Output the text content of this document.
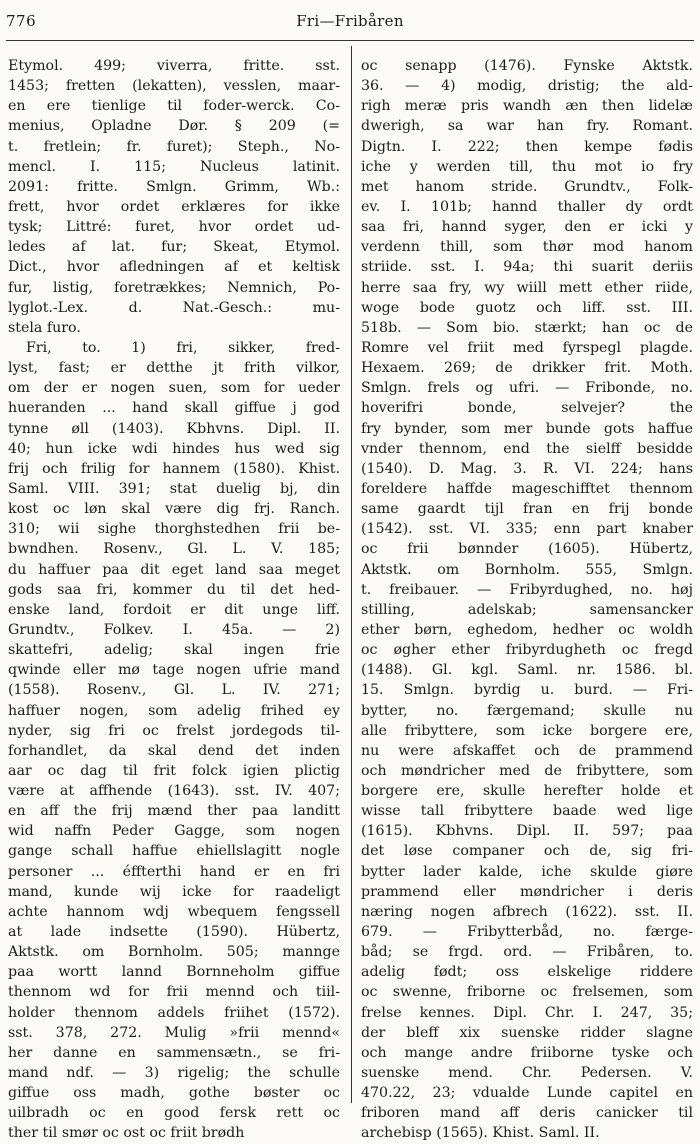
776	Fri—Fribåren
Etymol. 499; viverra, fritte. sst.
1453; fretten (lekatten), vesslen, maar-
en ere tienlige til foder-werck. Co-
menius, Opladne Dør. § 209 (=
t. fretlein; fr. furet); Steph., No-
mencl. I. 115; Nucleus latinit.
2091: fritte. Smlgn. Grimm, Wb.:
frett, hvor ordet erklæres for ikke
tysk; Littré: furet, hvor ordet ud-
ledes af lat. fur; Skeat, Etymol.
Dict., hvor afledningen af et keltisk
fur, listig, foretrækkes; Nemnich, Po-
lyglot.-Lex. d. Nat.-Gesch.: mu-
stela furo.
Fri, to. 1) fri, sikker, fred-
lyst, fast; er detthe jt frith vilkor,
om der er nogen suen, som for ueder
hueranden ... hand skall giffue j god
tynne øll (1403). Kbhvns. Dipl. II.
40; hun icke wdi hindes hus wed sig
frij och frilig for hannem (1580). Khist.
Saml. VIII. 391; stat duelig bj, din
kost oc løn skal være dig frj. Ranch.
310; wii sighe thorghstedhen frii be-
bwndhen. Rosenv., Gl. L. V. 185;
du haffuer paa dit eget land saa meget
gods saa fri, kommer du til det hed-
enske land, fordoit er dit unge liff.
Grundtv., Folkev. I. 45a. — 2)
skattefri, adelig; skal ingen frie
qwinde eller mø tage nogen ufrie mand
(1558). Rosenv., Gl. L. IV. 271;
haffuer nogen, som adelig frihed ey
nyder, sig fri oc frelst jordegods til-
forhandlet, da skal dend det inden
aar oc dag til frit folck igien plictig
være at affhende (1643). sst. IV. 407;
en aff the frij mænd ther paa landitt
wid naffn Peder Gagge, som nogen
gange schall haffue ehiellslagitt nogle
personer ... éffterthi hand er en fri
mand, kunde wij icke for raadeligt
achte hannom wdj wbequem fengssell
at lade indsette (1590). Hübertz,
Aktstk. om Bornholm. 505; mannge
paa wortt lannd Bornneholm giffue
thennom wd for frii mennd och tiil-
holder thennom addels friihet (1572).
sst. 378, 272. Mulig »frii mennd«
her danne en sammensætn., se fri-
mand ndf. — 3) rigelig; the schulle
giffue oss madh, gothe bøster oc
uilbradh oc en good fersk rett oc
ther til smør oc ost oc friit brødh
oc senapp (1476). Fynske Aktstk.
36. — 4) modig, dristig; the ald-
righ meræ pris wandh æn then lidelæ
dwerigh, sa war han fry. Romant.
Digtn. I. 222; then kempe fødis
iche y werden till, thu mot io fry
met hanom stride. Grundtv., Folk-
ev. I. 101b; hannd thaller dy ordt
saa fri, hannd syger, den er icki y
verdenn thill, som thør mod hanom
striide. sst. I. 94a; thi suarit deriis
herre saa fry, wy wiill mett ether riide,
woge bode guotz och liff. sst. III.
518b. — Som bio. stærkt; han oc de
Romre vel friit med fyrspegl plagde.
Hexaem. 269; de drikker frit. Moth.
Smlgn. frels og ufri. — Fribonde, no.
hoverifri bonde, selvejer? the
fry bynder, som mer bunde gots haffue
vnder thennom, end the sielff besidde
(1540). D. Mag. 3. R. VI. 224; hans
foreldere haffde mageschifftet thennom
same gaardt tijl fran en frij bonde
(1542). sst. VI. 335; enn part knaber
oc frii bønnder (1605). Hübertz,
Aktstk. om Bornholm. 555, Smlgn.
t. freibauer. — Fribyrdughed, no. høj
stilling, adelskab; samensancker
ether børn, eghedom, hedher oc woldh
oc øgher ether fribyrdugheth oc fregd
(1488). Gl. kgl. Saml. nr. 1586. bl.
15. Smlgn. byrdig u. burd. — Fri-
bytter, no. færgemand; skulle nu
alle fribyttere, som icke borgere ere,
nu were afskaffet och de prammend
och møndricher med de fribyttere, som
borgere ere, skulle herefter holde et
wisse tall fribyttere baade wed lige
(1615). Kbhvns. Dipl. II. 597; paa
det løse companer och de, sig fri-
bytter lader kalde, iche skulde giøre
prammend eller møndricher i deris
næring nogen afbrech (1622). sst. II.
679. — Fribytterbåd, no. færge-
båd; se frgd. ord. — Fribåren, to.
adelig født; oss elskelige riddere
oc swenne, friborne oc frelsemen, som
frelse kennes. Dipl. Chr. I. 247, 35;
der bleff xix suenske ridder slagne
och mange andre friiborne tyske och
suenske mend. Chr. Pedersen. V.
470.22, 23; vdualde Lunde capitel en
friboren mand aff deris canicker til
archebisp (1565). Khist. Saml. II.
